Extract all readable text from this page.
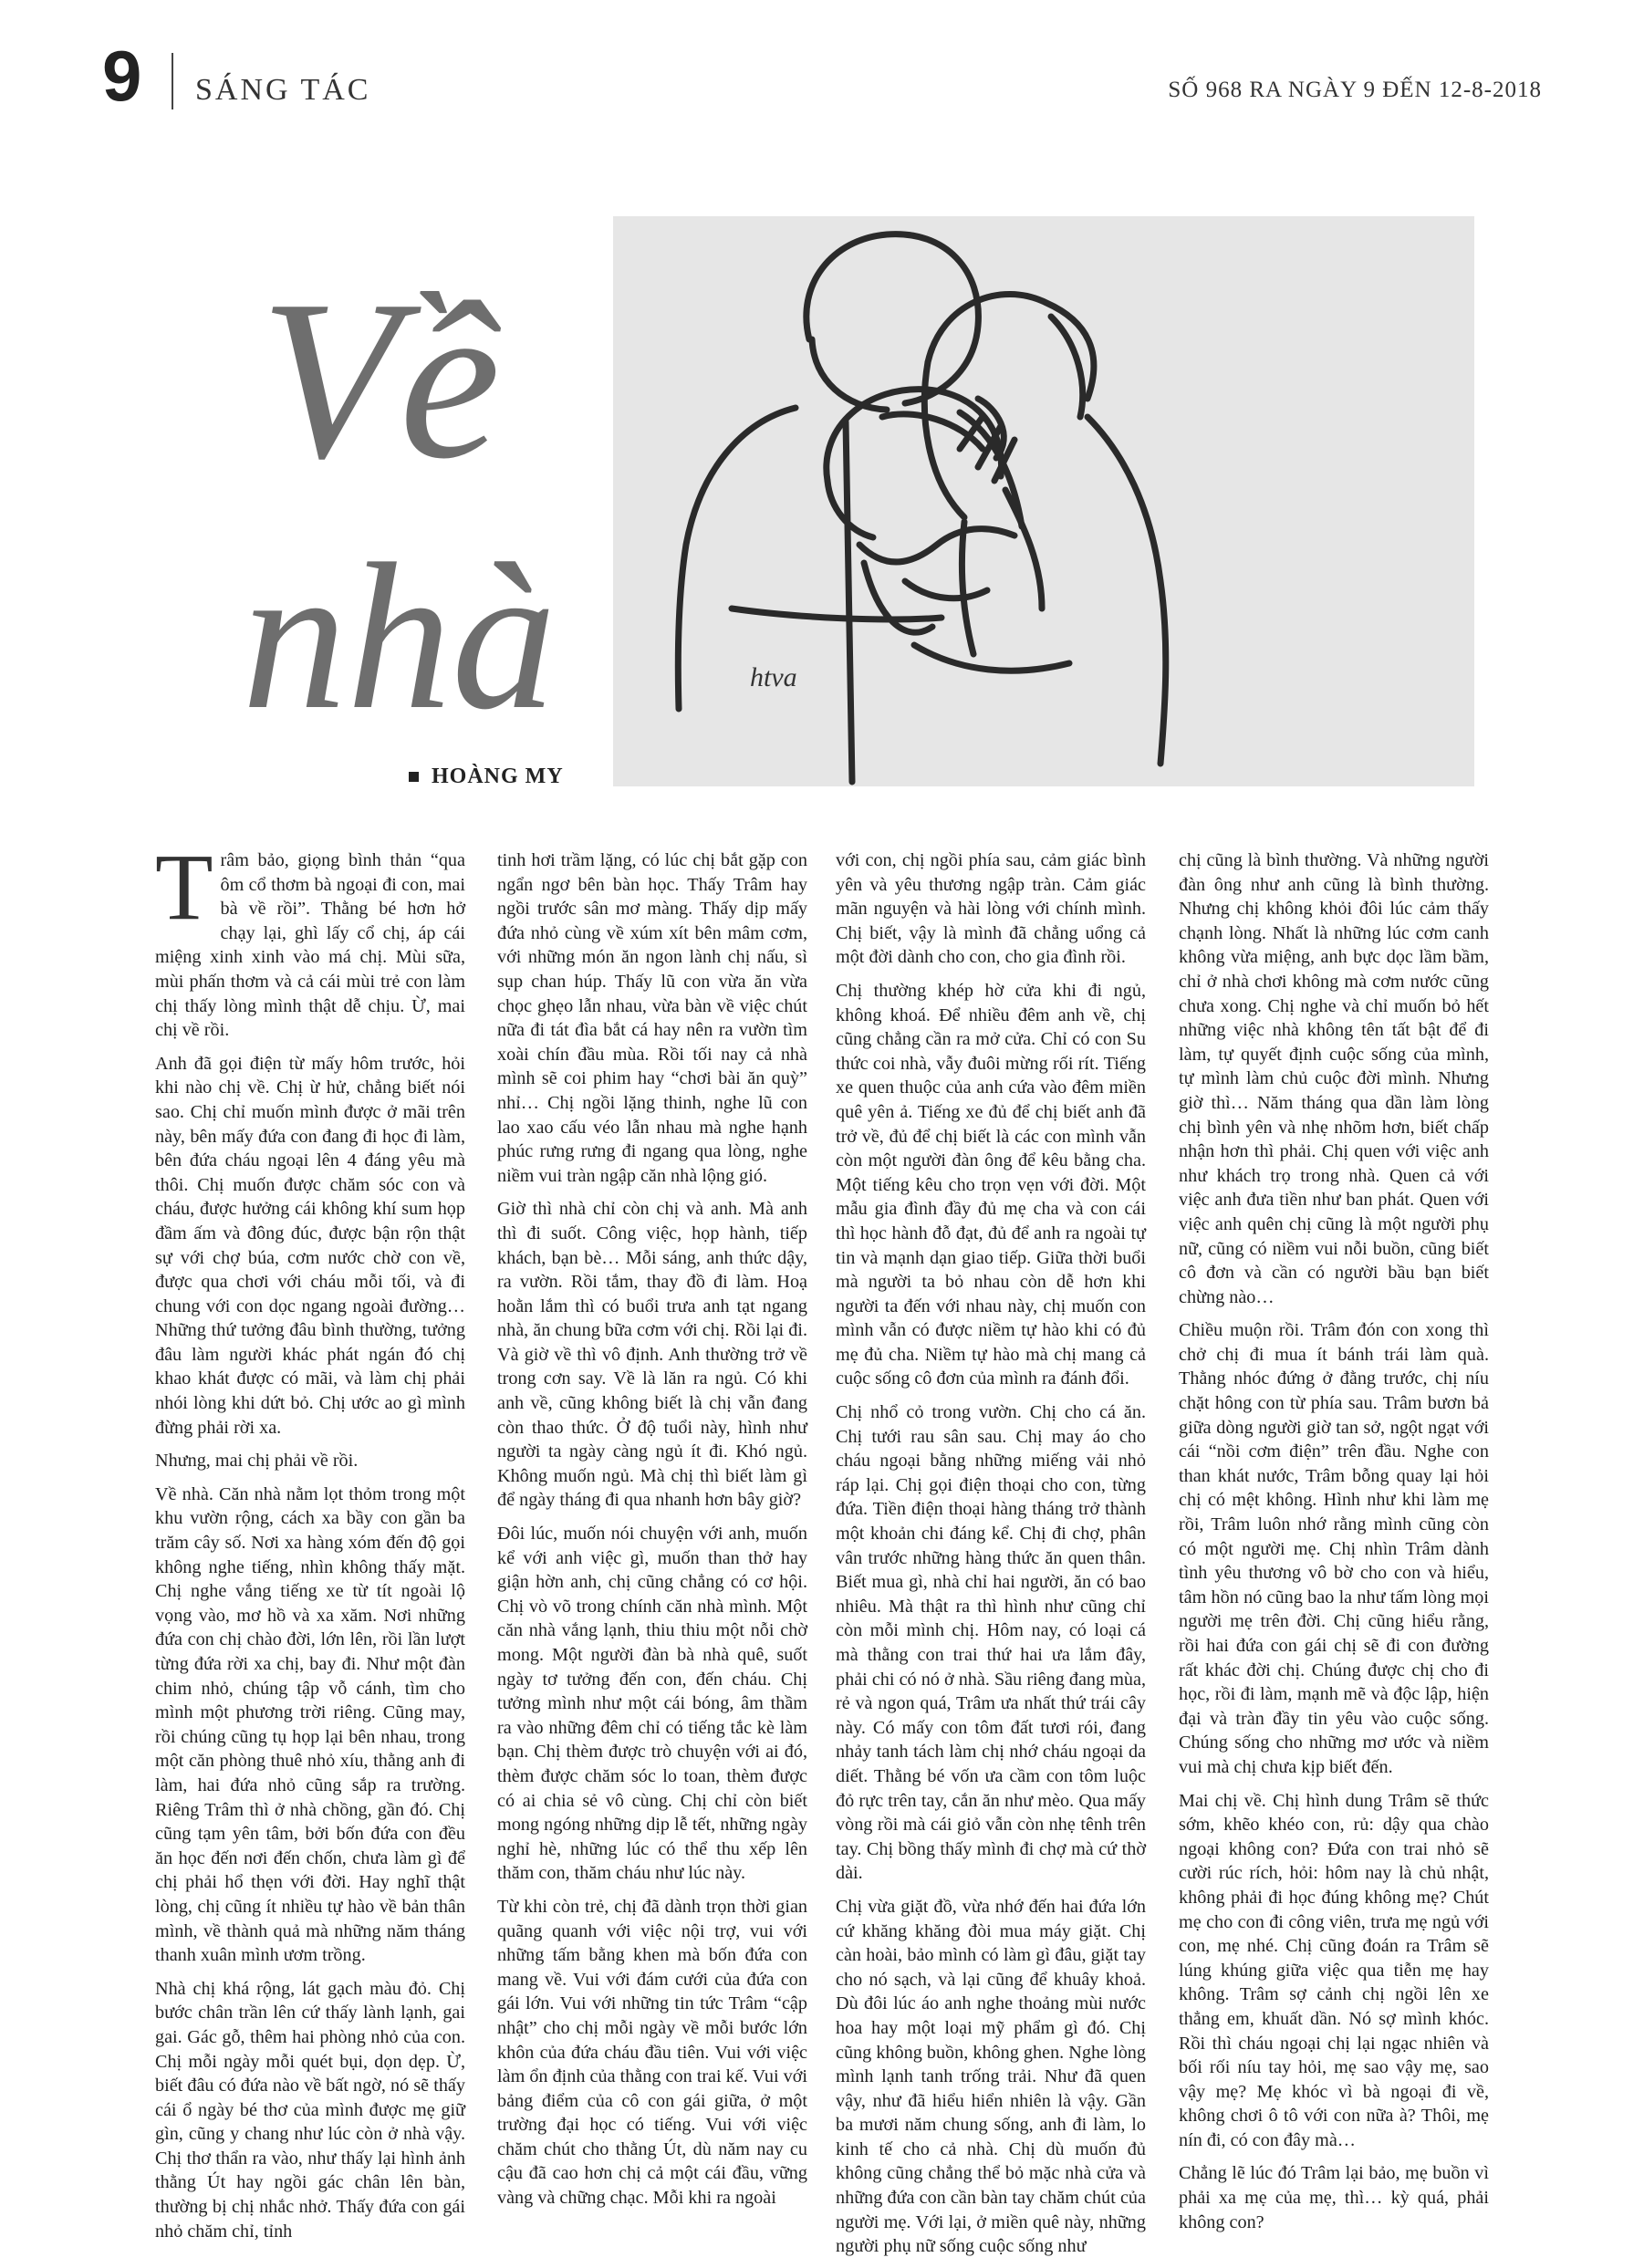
9 SÁNG TÁC	SỐ 968 RA NGÀY 9 ĐẾN 12-8-2018
Về
nhà
HOÀNG MY
htva

Trâm bảo, giọng bình thản “qua ôm cổ thơm bà ngoại đi con, mai bà về rồi”. Thằng bé hơn hở chạy lại, ghì lấy cổ chị, áp cái miệng xinh xinh vào má chị. Mùi sữa, mùi phấn thơm và cả cái mùi trẻ con làm chị thấy lòng mình thật dễ chịu. Ừ, mai chị về rồi.

Anh đã gọi điện từ mấy hôm trước, hỏi khi nào chị về. Chị ừ hử, chẳng biết nói sao. Chị chỉ muốn mình được ở mãi trên này, bên mấy đứa con đang đi học đi làm, bên đứa cháu ngoại lên 4 đáng yêu mà thôi. Chị muốn được chăm sóc con và cháu, được hưởng cái không khí sum họp đầm ấm và đông đúc, được bận rộn thật sự với chợ búa, cơm nước chờ con về, được qua chơi với cháu mỗi tối, và đi chung với con dọc ngang ngoài đường… Những thứ tưởng đâu bình thường, tưởng đâu làm người khác phát ngán đó chị khao khát được có mãi, và làm chị phải nhói lòng khi dứt bỏ. Chị ước ao gì mình đừng phải rời xa.

Nhưng, mai chị phải về rồi.

Về nhà. Căn nhà nằm lọt thỏm trong một khu vườn rộng, cách xa bầy con gần ba trăm cây số. Nơi xa hàng xóm đến độ gọi không nghe tiếng, nhìn không thấy mặt. Chị nghe vắng tiếng xe từ tít ngoài lộ vọng vào, mơ hồ và xa xăm. Nơi những đứa con chị chào đời, lớn lên, rồi lần lượt từng đứa rời xa chị, bay đi. Như một đàn chim nhỏ, chúng tập vỗ cánh, tìm cho mình một phương trời riêng. Cũng may, rồi chúng cũng tụ họp lại bên nhau, trong một căn phòng thuê nhỏ xíu, thằng anh đi làm, hai đứa nhỏ cũng sắp ra trường. Riêng Trâm thì ở nhà chồng, gần đó. Chị cũng tạm yên tâm, bởi bốn đứa con đều ăn học đến nơi đến chốn, chưa làm gì để chị phải hổ thẹn với đời. Hay nghĩ thật lòng, chị cũng ít nhiều tự hào về bản thân mình, về thành quả mà những năm tháng thanh xuân mình ươm trồng.

Nhà chị khá rộng, lát gạch màu đỏ. Chị bước chân trần lên cứ thấy lành lạnh, gai gai. Gác gỗ, thêm hai phòng nhỏ của con. Chị mỗi ngày mỗi quét bụi, dọn dẹp. Ừ, biết đâu có đứa nào về bất ngờ, nó sẽ thấy cái ổ ngày bé thơ của mình được mẹ giữ gìn, cũng y chang như lúc còn ở nhà vậy. Chị thơ thẩn ra vào, như thấy lại hình ảnh thằng Út hay ngồi gác chân lên bàn, thường bị chị nhắc nhở. Thấy đứa con gái nhỏ chăm chỉ, tỉnh

tinh hơi trầm lặng, có lúc chị bắt gặp con ngẩn ngơ bên bàn học. Thấy Trâm hay ngồi trước sân mơ màng. Thấy dịp mấy đứa nhỏ cùng về xúm xít bên mâm cơm, với những món ăn ngon lành chị nấu, sì sụp chan húp. Thấy lũ con vừa ăn vừa chọc ghẹo lẫn nhau, vừa bàn về việc chút nữa đi tát đìa bắt cá hay nên ra vườn tìm xoài chín đầu mùa. Rồi tối nay cả nhà mình sẽ coi phim hay “chơi bài ăn quỳ” nhỉ… Chị ngồi lặng thinh, nghe lũ con lao xao cấu véo lẫn nhau mà nghe hạnh phúc rưng rưng đi ngang qua lòng, nghe niềm vui tràn ngập căn nhà lộng gió.

Giờ thì nhà chỉ còn chị và anh. Mà anh thì đi suốt. Công việc, họp hành, tiếp khách, bạn bè… Mỗi sáng, anh thức dậy, ra vườn. Rồi tắm, thay đồ đi làm. Hoạ hoằn lắm thì có buổi trưa anh tạt ngang nhà, ăn chung bữa cơm với chị. Rồi lại đi. Và giờ về thì vô định. Anh thường trở về trong cơn say. Về là lăn ra ngủ. Có khi anh về, cũng không biết là chị vẫn đang còn thao thức. Ở độ tuổi này, hình như người ta ngày càng ngủ ít đi. Khó ngủ. Không muốn ngủ. Mà chị thì biết làm gì để ngày tháng đi qua nhanh hơn bây giờ?

Đôi lúc, muốn nói chuyện với anh, muốn kể với anh việc gì, muốn than thở hay giận hờn anh, chị cũng chẳng có cơ hội. Chị vò võ trong chính căn nhà mình. Một căn nhà vắng lạnh, thiu thiu một nỗi chờ mong. Một người đàn bà nhà quê, suốt ngày tơ tưởng đến con, đến cháu. Chị tưởng mình như một cái bóng, âm thầm ra vào những đêm chỉ có tiếng tắc kè làm bạn. Chị thèm được trò chuyện với ai đó, thèm được chăm sóc lo toan, thèm được có ai chia sẻ vô cùng. Chị chỉ còn biết mong ngóng những dịp lễ tết, những ngày nghỉ hè, những lúc có thể thu xếp lên thăm con, thăm cháu như lúc này.

Từ khi còn trẻ, chị đã dành trọn thời gian quãng quanh với việc nội trợ, vui với những tấm bằng khen mà bốn đứa con mang về. Vui với đám cưới của đứa con gái lớn. Vui với những tin tức Trâm “cập nhật” cho chị mỗi ngày về mỗi bước lớn khôn của đứa cháu đầu tiên. Vui với việc làm ổn định của thằng con trai kế. Vui với bảng điểm của cô con gái giữa, ở một trường đại học có tiếng. Vui với việc chăm chút cho thằng Út, dù năm nay cu cậu đã cao hơn chị cả một cái đầu, vững vàng và chững chạc. Mỗi khi ra ngoài

với con, chị ngồi phía sau, cảm giác bình yên và yêu thương ngập tràn. Cảm giác mãn nguyện và hài lòng với chính mình. Chị biết, vậy là mình đã chẳng uổng cả một đời dành cho con, cho gia đình rồi.

Chị thường khép hờ cửa khi đi ngủ, không khoá. Để nhiều đêm anh về, chị cũng chẳng cần ra mở cửa. Chỉ có con Su thức coi nhà, vẫy đuôi mừng rối rít. Tiếng xe quen thuộc của anh cứa vào đêm miền quê yên ả. Tiếng xe đủ để chị biết anh đã trở về, đủ để chị biết là các con mình vẫn còn một người đàn ông để kêu bằng cha. Một tiếng kêu cho trọn vẹn với đời. Một mẫu gia đình đầy đủ mẹ cha và con cái thì học hành đỗ đạt, đủ để anh ra ngoài tự tin và mạnh dạn giao tiếp. Giữa thời buổi mà người ta bỏ nhau còn dễ hơn khi người ta đến với nhau này, chị muốn con mình vẫn có được niềm tự hào khi có đủ mẹ đủ cha. Niềm tự hào mà chị mang cả cuộc sống cô đơn của mình ra đánh đổi.

Chị nhổ cỏ trong vườn. Chị cho cá ăn. Chị tưới rau sân sau. Chị may áo cho cháu ngoại bằng những miếng vải nhỏ ráp lại. Chị gọi điện thoại cho con, từng đứa. Tiền điện thoại hàng tháng trở thành một khoản chi đáng kể. Chị đi chợ, phân vân trước những hàng thức ăn quen thân. Biết mua gì, nhà chỉ hai người, ăn có bao nhiêu. Mà thật ra thì hình như cũng chỉ còn mỗi mình chị. Hôm nay, có loại cá mà thằng con trai thứ hai ưa lắm đây, phải chi có nó ở nhà. Sầu riêng đang mùa, rẻ và ngon quá, Trâm ưa nhất thứ trái cây này. Có mấy con tôm đất tươi rói, đang nhảy tanh tách làm chị nhớ cháu ngoại da diết. Thằng bé vốn ưa cầm con tôm luộc đỏ rực trên tay, cắn ăn như mèo. Qua mấy vòng rồi mà cái giỏ vẫn còn nhẹ tênh trên tay. Chị bồng thấy mình đi chợ mà cứ thờ dài.

Chị vừa giặt đồ, vừa nhớ đến hai đứa lớn cứ khăng khăng đòi mua máy giặt. Chị càn hoài, bảo mình có làm gì đâu, giặt tay cho nó sạch, và lại cũng để khuây khoả. Dù đôi lúc áo anh nghe thoảng mùi nước hoa hay một loại mỹ phẩm gì đó. Chị cũng không buồn, không ghen. Nghe lòng mình lạnh tanh trống trải. Như đã quen vậy, như đã hiểu hiển nhiên là vậy. Gần ba mươi năm chung sống, anh đi làm, lo kinh tế cho cả nhà. Chị dù muốn đủ không cũng chẳng thể bỏ mặc nhà cửa và những đứa con cần bàn tay chăm chút của người mẹ. Với lại, ở miền quê này, những người phụ nữ sống cuộc sống như

chị cũng là bình thường. Và những người đàn ông như anh cũng là bình thường. Nhưng chị không khỏi đôi lúc cảm thấy chạnh lòng. Nhất là những lúc cơm canh không vừa miệng, anh bực dọc lầm bầm, chỉ ở nhà chơi không mà cơm nước cũng chưa xong. Chị nghe và chỉ muốn bỏ hết những việc nhà không tên tất bật để đi làm, tự quyết định cuộc sống của mình, tự mình làm chủ cuộc đời mình. Nhưng giờ thì… Năm tháng qua dần làm lòng chị bình yên và nhẹ nhõm hơn, biết chấp nhận hơn thì phải. Chị quen với việc anh như khách trọ trong nhà. Quen cả với việc anh đưa tiền như ban phát. Quen với việc anh quên chị cũng là một người phụ nữ, cũng có niềm vui nỗi buồn, cũng biết cô đơn và cần có người bầu bạn biết chừng nào…

Chiều muộn rồi. Trâm đón con xong thì chở chị đi mua ít bánh trái làm quà. Thằng nhóc đứng ở đằng trước, chị níu chặt hông con từ phía sau. Trâm bươn bả giữa dòng người giờ tan sở, ngột ngạt với cái “nồi cơm điện” trên đầu. Nghe con than khát nước, Trâm bỗng quay lại hỏi chị có mệt không. Hình như khi làm mẹ rồi, Trâm luôn nhớ rằng mình cũng còn có một người mẹ. Chị nhìn Trâm dành tình yêu thương vô bờ cho con và hiểu, tâm hồn nó cũng bao la như tấm lòng mọi người mẹ trên đời. Chị cũng hiểu rằng, rồi hai đứa con gái chị sẽ đi con đường rất khác đời chị. Chúng được chị cho đi học, rồi đi làm, mạnh mẽ và độc lập, hiện đại và tràn đầy tin yêu vào cuộc sống. Chúng sống cho những mơ ước và niềm vui mà chị chưa kịp biết đến.

Mai chị về. Chị hình dung Trâm sẽ thức sớm, khẽo khéo con, rủ: dậy qua chào ngoại không con? Đứa con trai nhỏ sẽ cười rúc rích, hỏi: hôm nay là chủ nhật, không phải đi học đúng không mẹ? Chút mẹ cho con đi công viên, trưa mẹ ngủ với con, mẹ nhé. Chị cũng đoán ra Trâm sẽ lúng khúng giữa việc qua tiễn mẹ hay không. Trâm sợ cảnh chị ngồi lên xe thẳng em, khuất dần. Nó sợ mình khóc. Rồi thì cháu ngoại chị lại ngạc nhiên và bối rối níu tay hỏi, mẹ sao vậy mẹ, sao vậy mẹ? Mẹ khóc vì bà ngoại đi về, không chơi ô tô với con nữa à? Thôi, mẹ nín đi, có con đây mà…

Chẳng lẽ lúc đó Trâm lại bảo, mẹ buồn vì phải xa mẹ của mẹ, thì… kỳ quá, phải không con?
